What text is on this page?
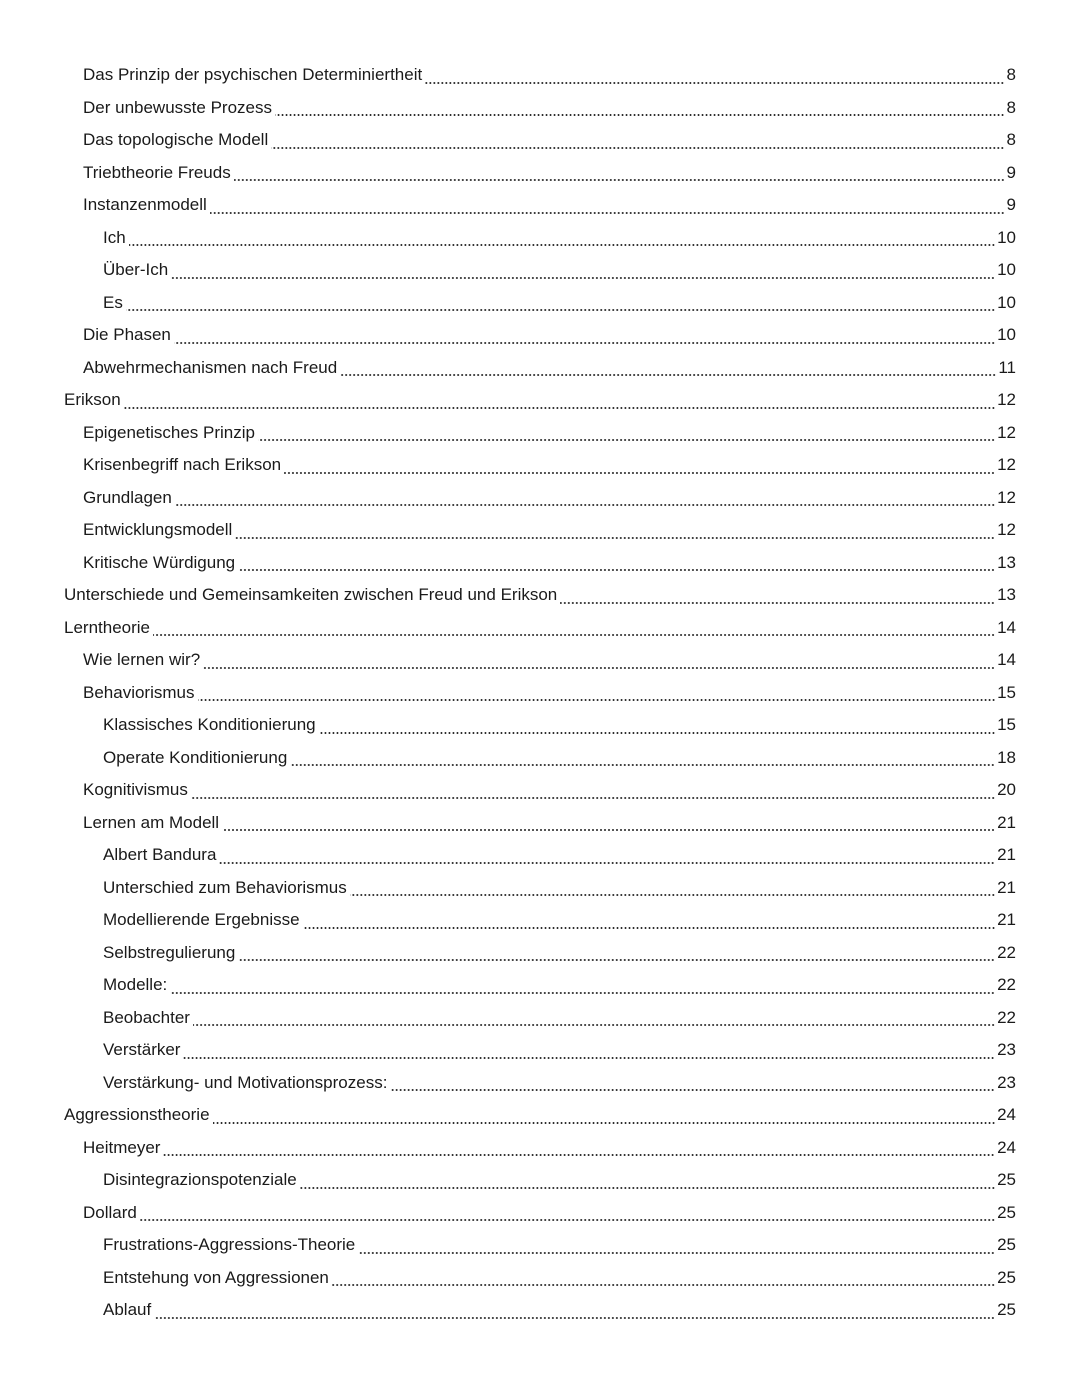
Das Prinzip der psychischen Determiniertheit	8
Der unbewusste Prozess	8
Das topologische Modell	8
Triebtheorie Freuds	9
Instanzenmodell	9
Ich	10
Über-Ich	10
Es	10
Die Phasen	10
Abwehrmechanismen nach Freud	11
Erikson	12
Epigenetisches Prinzip	12
Krisenbegriff nach Erikson	12
Grundlagen	12
Entwicklungsmodell	12
Kritische Würdigung	13
Unterschiede und Gemeinsamkeiten zwischen Freud und Erikson	13
Lerntheorie	14
Wie lernen wir?	14
Behaviorismus	15
Klassisches Konditionierung	15
Operate Konditionierung	18
Kognitivismus	20
Lernen am Modell	21
Albert Bandura	21
Unterschied zum Behaviorismus	21
Modellierende Ergebnisse	21
Selbstregulierung	22
Modelle:	22
Beobachter	22
Verstärker	23
Verstärkung- und Motivationsprozess:	23
Aggressionstheorie	24
Heitmeyer	24
Disintegrazionspotenziale	25
Dollard	25
Frustrations-Aggressions-Theorie	25
Entstehung von Aggressionen	25
Ablauf	25
